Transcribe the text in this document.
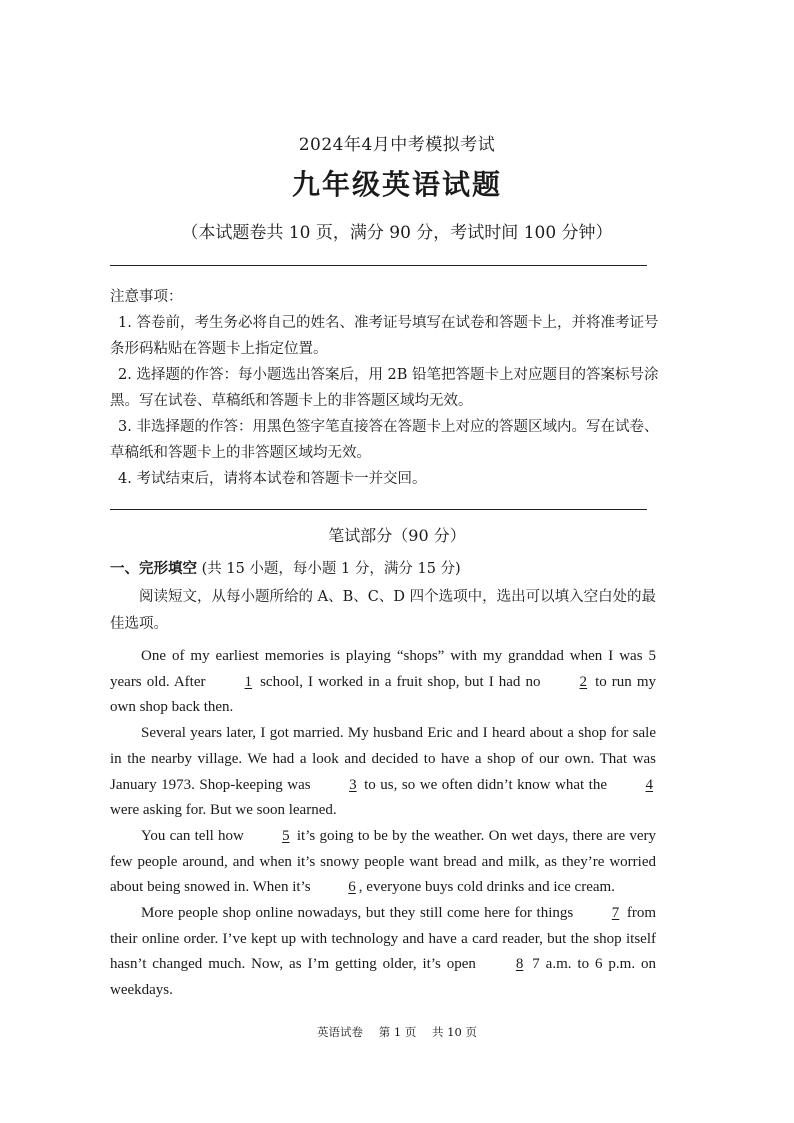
2024年4月中考模拟考试
九年级英语试题
（本试题卷共 10 页，满分 90 分，考试时间 100 分钟）

注意事项：

1. 答卷前，考生务必将自己的姓名、准考证号填写在试卷和答题卡上，并将准考证号条形码粘贴在答题卡上指定位置。

2. 选择题的作答：每小题选出答案后，用 2B 铅笔把答题卡上对应题目的答案标号涂黑。写在试卷、草稿纸和答题卡上的非答题区域均无效。

3. 非选择题的作答：用黑色签字笔直接答在答题卡上对应的答题区域内。写在试卷、草稿纸和答题卡上的非答题区域均无效。

4. 考试结束后，请将本试卷和答题卡一并交回。

笔试部分（90 分）
一、完形填空 (共 15 小题，每小题 1 分，满分 15 分)

阅读短文，从每小题所给的 A、B、C、D 四个选项中，选出可以填入空白处的最佳选项。

One of my earliest memories is playing “shops” with my granddad when I was 5 years old. After	1 school, I worked in a fruit shop, but I had no	2 to run my own shop back then.

Several years later, I got married. My husband Eric and I heard about a shop for sale in the nearby village. We had a look and decided to have a shop of our own. That was January 1973. Shop-keeping was	3 to us, so we often didn’t know what the	4 were asking for. But we soon learned.

You can tell how	5 it’s going to be by the weather. On wet days, there are very few people around, and when it’s snowy people want bread and milk, as they’re worried about being snowed in. When it’s	6 , everyone buys cold drinks and ice cream.

More people shop online nowadays, but they still come here for things	7 from their online order. I’ve kept up with technology and have a card reader, but the shop itself hasn’t changed much. Now, as I’m getting older, it’s open	8 7 a.m. to 6 p.m. on weekdays.

英语试卷 第 1 页 共 10 页
